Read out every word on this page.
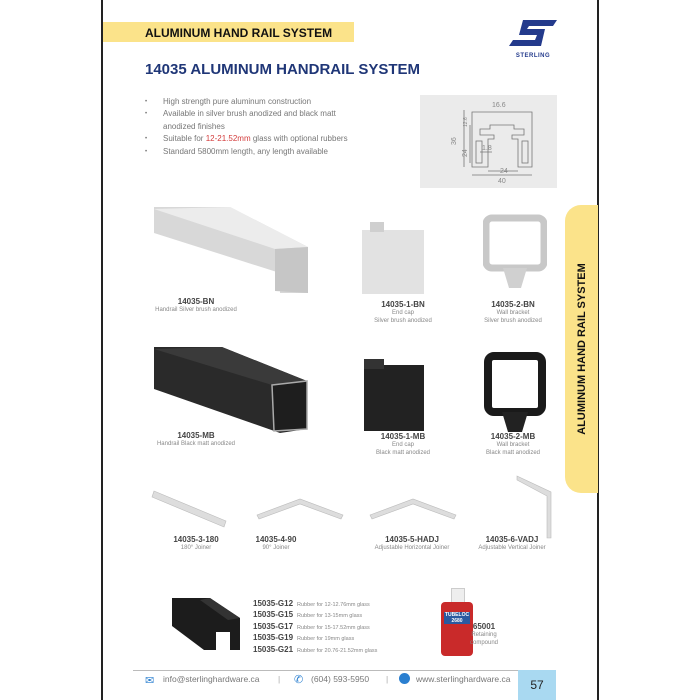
ALUMINUM HAND RAIL SYSTEM
STERLING
14035 ALUMINUM HANDRAIL SYSTEM
• High strength pure aluminum construction
• Available in silver brush anodized and black matt anodized finishes
• Suitable for 12-21.52mm glass with optional rubbers
• Standard 5800mm length, any length available
16.6
36
24
12.6
1.8
24
40
14035-BN
Handrail Silver brush anodized
14035-1-BN
End cap
Silver brush anodized
14035-2-BN
Wall bracket
Silver brush anodized
14035-MB
Handrail Black matt anodized
14035-1-MB
End cap
Black matt anodized
14035-2-MB
Wall bracket
Black matt anodized
ALUMINUM HAND RAIL SYSTEM
14035-3-180
180° Joiner
14035-4-90
90° Joiner
14035-5-HADJ
Adjustable Horizontal Joiner
14035-6-VADJ
Adjustable Vertical Joiner
15035-G12 Rubber for 12-12.76mm glass
15035-G15 Rubber for 13-15mm glass
15035-G17 Rubber for 15-17.52mm glass
15035-G19 Rubber for 19mm glass
15035-G21 Rubber for 20.76-21.52mm glass
TUBELOC
2680
65001
Retaining
compound
✉ info@sterlinghardware.ca | ✆ (604) 593-5950 |	www.sterlinghardware.ca	57
